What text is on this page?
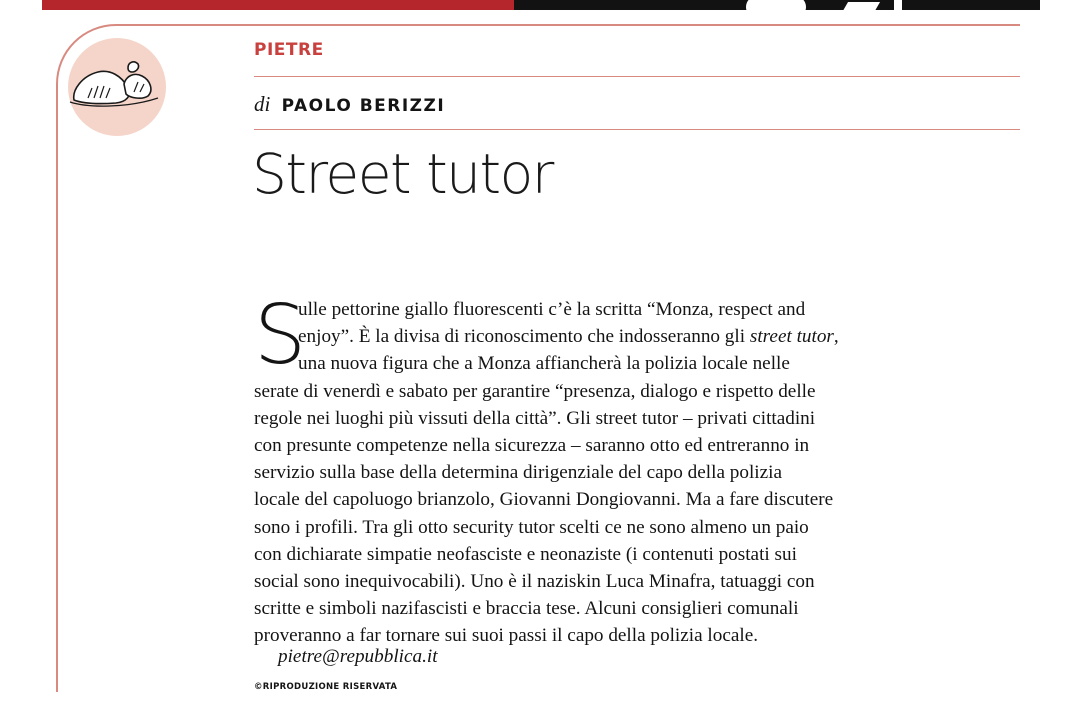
PIETRE
di PAOLO BERIZZI
Street tutor
S
ulle pettorine giallo fluorescenti c’è la scritta “Monza, respect and
enjoy”. È la divisa di riconoscimento che indosseranno gli street tutor,
una nuova figura che a Monza affiancherà la polizia locale nelle
serate di venerdì e sabato per garantire “presenza, dialogo e rispetto delle
regole nei luoghi più vissuti della città”. Gli street tutor – privati cittadini
con presunte competenze nella sicurezza – saranno otto ed entreranno in
servizio sulla base della determina dirigenziale del capo della polizia
locale del capoluogo brianzolo, Giovanni Dongiovanni. Ma a fare discutere
sono i profili. Tra gli otto security tutor scelti ce ne sono almeno un paio
con dichiarate simpatie neofasciste e neonaziste (i contenuti postati sui
social sono inequivocabili). Uno è il naziskin Luca Minafra, tatuaggi con
scritte e simboli nazifascisti e braccia tese. Alcuni consiglieri comunali
proveranno a far tornare sui suoi passi il capo della polizia locale.
pietre@repubblica.it
©RIPRODUZIONE RISERVATA
